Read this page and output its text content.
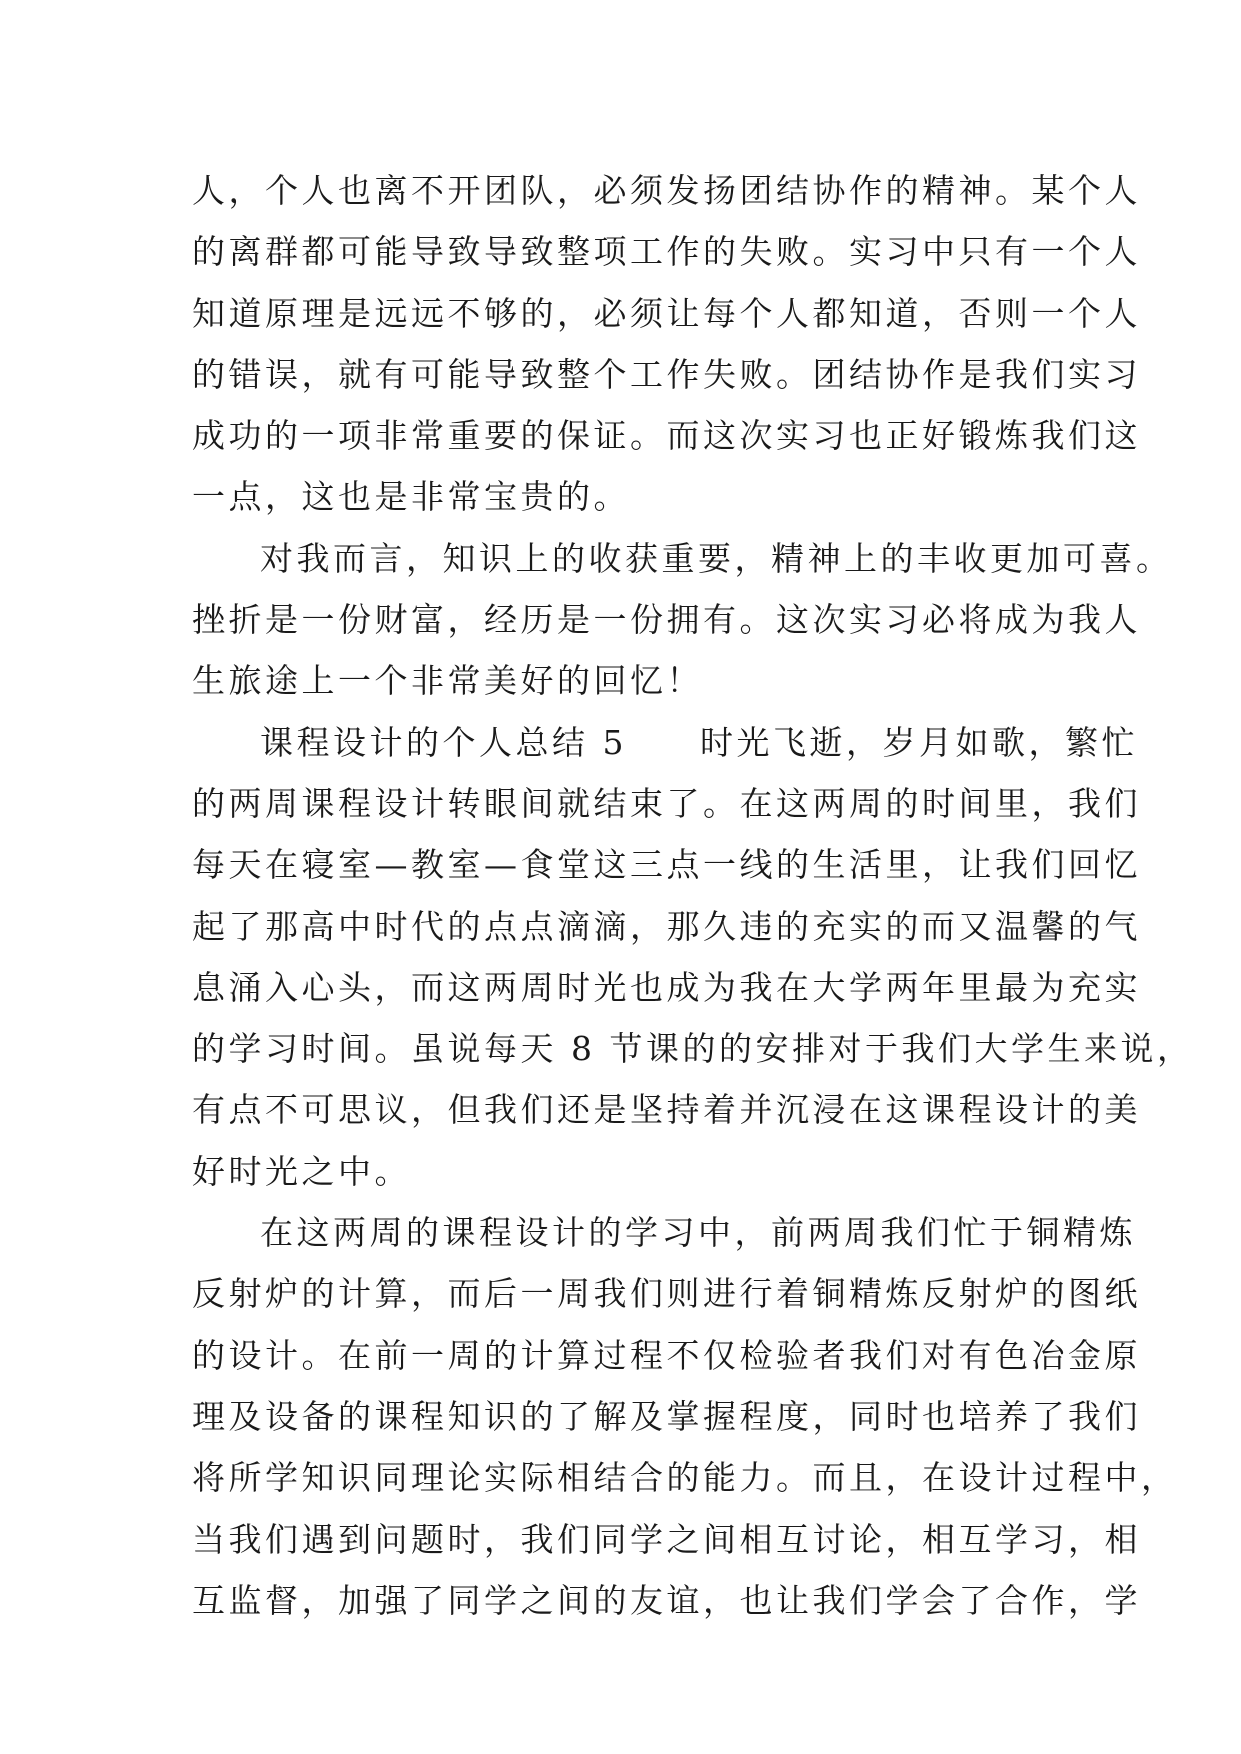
人，个人也离不开团队，必须发扬团结协作的精神。某个人
的离群都可能导致导致整项工作的失败。实习中只有一个人
知道原理是远远不够的，必须让每个人都知道，否则一个人
的错误，就有可能导致整个工作失败。团结协作是我们实习
成功的一项非常重要的保证。而这次实习也正好锻炼我们这
一点，这也是非常宝贵的。
对我而言，知识上的收获重要，精神上的丰收更加可喜。
挫折是一份财富，经历是一份拥有。这次实习必将成为我人
生旅途上一个非常美好的回忆！
课程设计的个人总结 5　　时光飞逝，岁月如歌，繁忙
的两周课程设计转眼间就结束了。在这两周的时间里，我们
每天在寝室—教室—食堂这三点一线的生活里，让我们回忆
起了那高中时代的点点滴滴，那久违的充实的而又温馨的气
息涌入心头，而这两周时光也成为我在大学两年里最为充实
的学习时间。虽说每天 8 节课的的安排对于我们大学生来说，
有点不可思议，但我们还是坚持着并沉浸在这课程设计的美
好时光之中。
在这两周的课程设计的学习中，前两周我们忙于铜精炼
反射炉的计算，而后一周我们则进行着铜精炼反射炉的图纸
的设计。在前一周的计算过程不仅检验者我们对有色冶金原
理及设备的课程知识的了解及掌握程度，同时也培养了我们
将所学知识同理论实际相结合的能力。而且，在设计过程中，
当我们遇到问题时，我们同学之间相互讨论，相互学习，相
互监督，加强了同学之间的友谊，也让我们学会了合作，学
